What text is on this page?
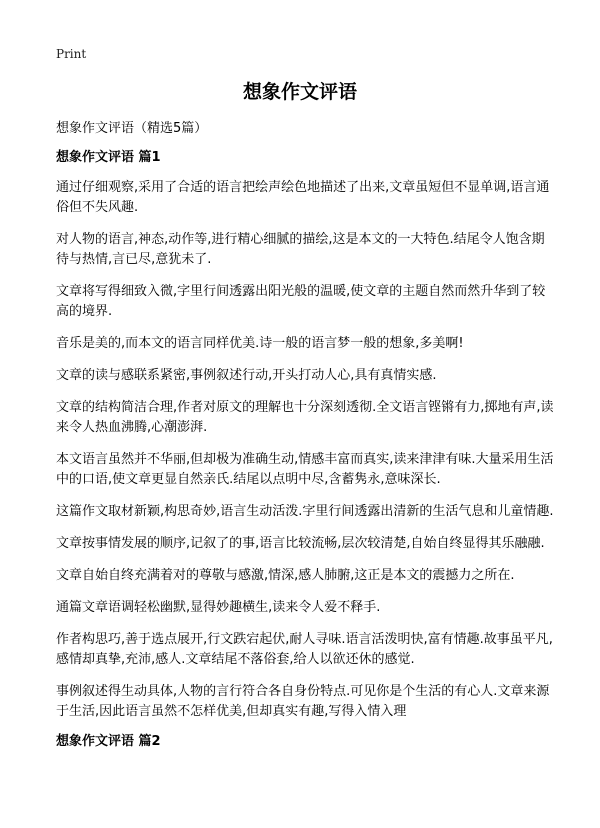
Print
想象作文评语
想象作文评语（精选5篇）
想象作文评语 篇1

通过仔细观察,采用了合适的语言把绘声绘色地描述了出来,文章虽短但不显单调,语言通俗但不失风趣.

对人物的语言,神态,动作等,进行精心细腻的描绘,这是本文的一大特色.结尾令人饱含期待与热情,言已尽,意犹未了.

文章将写得细致入微,字里行间透露出阳光般的温暖,使文章的主题自然而然升华到了较高的境界.

音乐是美的,而本文的语言同样优美.诗一般的语言梦一般的想象,多美啊!

文章的读与感联系紧密,事例叙述行动,开头打动人心,具有真情实感.

文章的结构简洁合理,作者对原文的理解也十分深刻透彻.全文语言铿锵有力,掷地有声,读来令人热血沸腾,心潮澎湃.

本文语言虽然并不华丽,但却极为准确生动,情感丰富而真实,读来津津有味.大量采用生活中的口语,使文章更显自然亲氏.结尾以点明中尽,含蓄隽永,意味深长.

这篇作文取材新颖,构思奇妙,语言生动活泼.字里行间透露出清新的生活气息和儿童情趣.

文章按事情发展的顺序,记叙了的事,语言比较流畅,层次较清楚,自始自终显得其乐融融.

文章自始自终充满着对的尊敬与感激,情深,感人肺腑,这正是本文的震撼力之所在.

通篇文章语调轻松幽默,显得妙趣横生,读来令人爱不释手.

作者构思巧,善于选点展开,行文跌宕起伏,耐人寻味.语言活泼明快,富有情趣.故事虽平凡,感情却真挚,充沛,感人.文章结尾不落俗套,给人以欲还休的感觉.

事例叙述得生动具体,人物的言行符合各自身份特点.可见你是个生活的有心人.文章来源于生活,因此语言虽然不怎样优美,但却真实有趣,写得入情入理

想象作文评语 篇2
